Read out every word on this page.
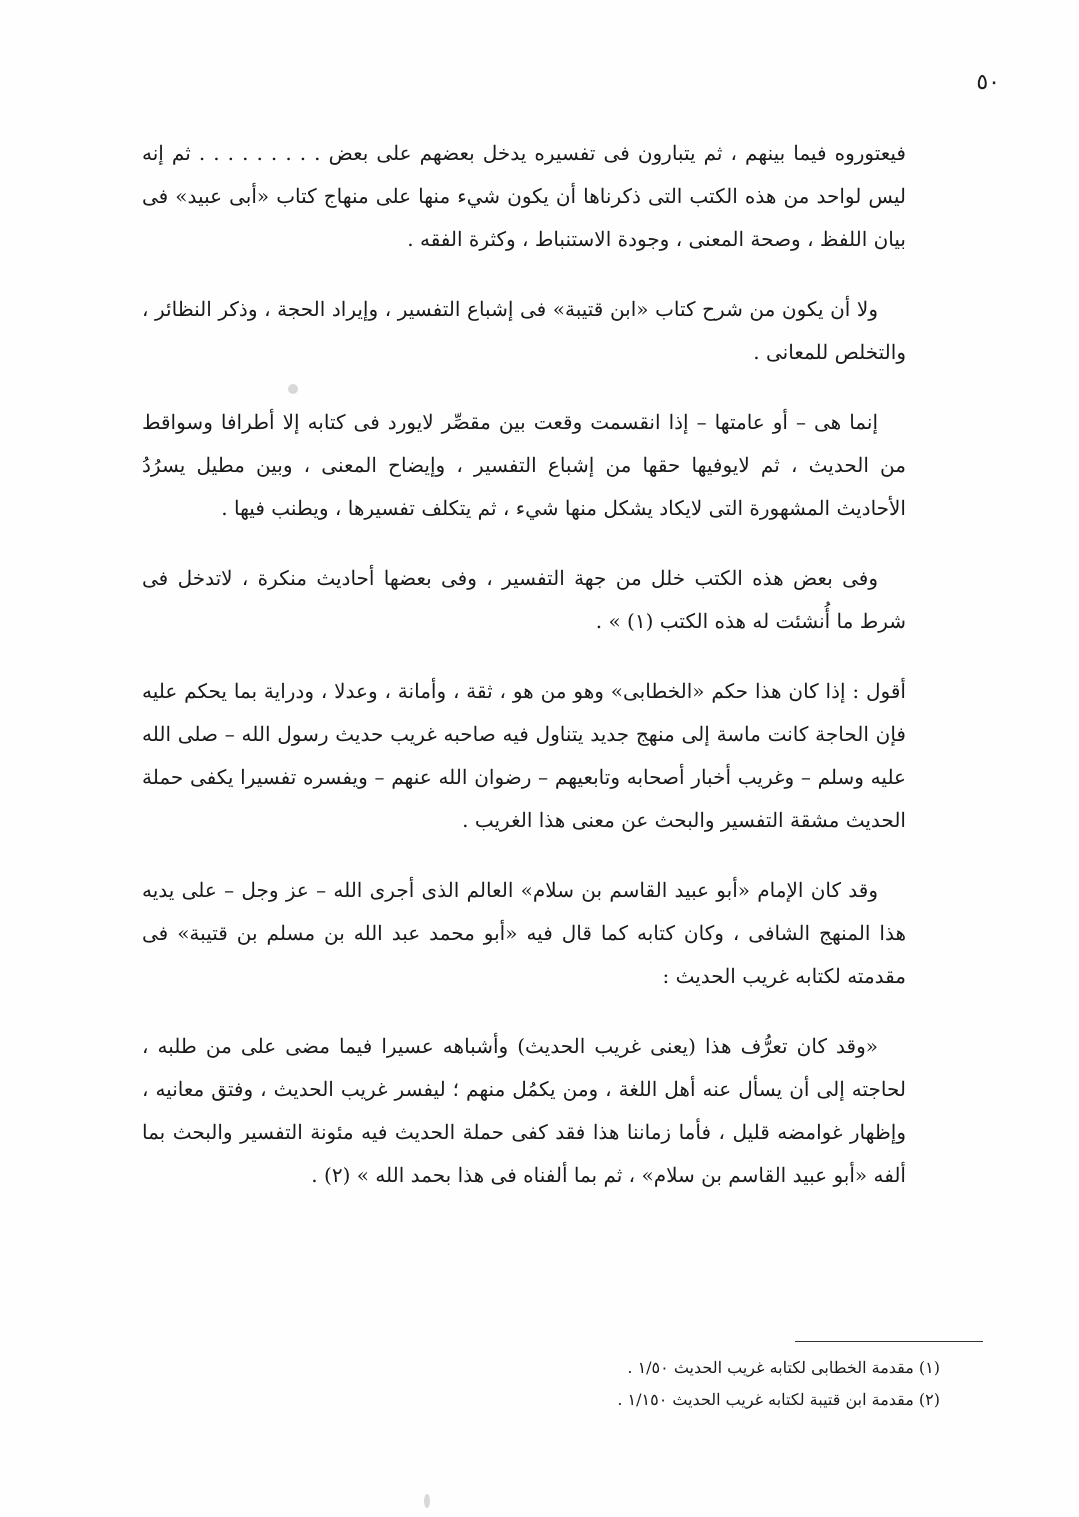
٥٠

فيعتوروه فيما بينهم ، ثم يتبارون فى تفسيره يدخل بعضهم على بعض . . . . . . . . . ثم إنه ليس لواحد من هذه الكتب التى ذكرناها أن يكون شيء منها على منهاج كتاب «أبى عبيد» فى بيان اللفظ ، وصحة المعنى ، وجودة الاستنباط ، وكثرة الفقه .

ولا أن يكون من شرح كتاب «ابن قتيبة» فى إشباع التفسير ، وإيراد الحجة ، وذكر النظائر ، والتخلص للمعانى .

إنما هى – أو عامتها – إذا انقسمت وقعت بين مقصِّر لايورد فى كتابه إلا أطرافا وسواقط من الحديث ، ثم لايوفيها حقها من إشباع التفسير ، وإيضاح المعنى ، وبين مطيل يسرُدُ الأحاديث المشهورة التى لايكاد يشكل منها شيء ، ثم يتكلف تفسيرها ، ويطنب فيها .

وفى بعض هذه الكتب خلل من جهة التفسير ، وفى بعضها أحاديث منكرة ، لاتدخل فى شرط ما أُنشئت له هذه الكتب (١) » .

أقول : إذا كان هذا حكم «الخطابى» وهو من هو ، ثقة ، وأمانة ، وعدلا ، ودراية بما يحكم عليه فإن الحاجة كانت ماسة إلى منهج جديد يتناول فيه صاحبه غريب حديث رسول الله – صلى الله عليه وسلم – وغريب أخبار أصحابه وتابعيهم – رضوان الله عنهم – ويفسره تفسيرا يكفى حملة الحديث مشقة التفسير والبحث عن معنى هذا الغريب .

وقد كان الإمام «أبو عبيد القاسم بن سلام» العالم الذى أجرى الله – عز وجل – على يديه هذا المنهج الشافى ، وكان كتابه كما قال فيه «أبو محمد عبد الله بن مسلم بن قتيبة» فى مقدمته لكتابه غريب الحديث :

«وقد كان تعرُّف هذا (يعنى غريب الحديث) وأشباهه عسيرا فيما مضى على من طلبه ، لحاجته إلى أن يسأل عنه أهل اللغة ، ومن يكمُل منهم ؛ ليفسر غريب الحديث ، وفتق معانيه ، وإظهار غوامضه قليل ، فأما زماننا هذا فقد كفى حملة الحديث فيه مئونة التفسير والبحث بما ألفه «أبو عبيد القاسم بن سلام» ، ثم بما ألفناه فى هذا بحمد الله » (٢) .

(١) مقدمة الخطابى لكتابه غريب الحديث ١/٥٠ .

(٢) مقدمة ابن قتيبة لكتابه غريب الحديث ١/١٥٠ .
